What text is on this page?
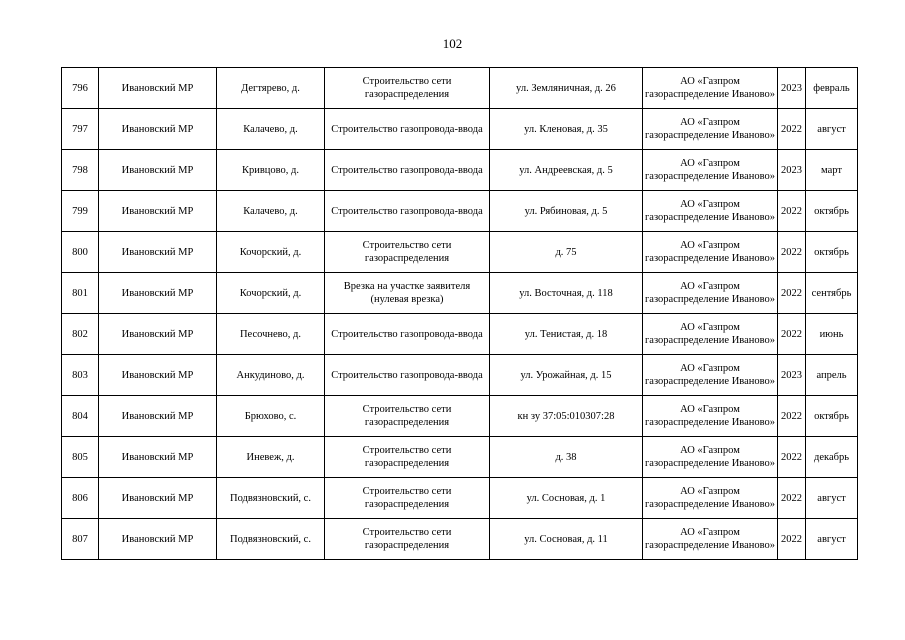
102
796	Ивановский МР	Дегтярево, д.	Строительство сети газораспределения	ул. Земляничная, д. 26	АО «Газпром газораспределение Иваново»	2023	февраль
797	Ивановский МР	Калачево, д.	Строительство газопровода-ввода	ул. Кленовая, д. 35	АО «Газпром газораспределение Иваново»	2022	август
798	Ивановский МР	Кривцово, д.	Строительство газопровода-ввода	ул. Андреевская, д. 5	АО «Газпром газораспределение Иваново»	2023	март
799	Ивановский МР	Калачево, д.	Строительство газопровода-ввода	ул. Рябиновая, д. 5	АО «Газпром газораспределение Иваново»	2022	октябрь
800	Ивановский МР	Кочорский, д.	Строительство сети газораспределения	д. 75	АО «Газпром газораспределение Иваново»	2022	октябрь
801	Ивановский МР	Кочорский, д.	Врезка на участке заявителя (нулевая врезка)	ул. Восточная, д. 118	АО «Газпром газораспределение Иваново»	2022	сентябрь
802	Ивановский МР	Песочнево, д.	Строительство газопровода-ввода	ул. Тенистая, д. 18	АО «Газпром газораспределение Иваново»	2022	июнь
803	Ивановский МР	Анкудиново, д.	Строительство газопровода-ввода	ул. Урожайная, д. 15	АО «Газпром газораспределение Иваново»	2023	апрель
804	Ивановский МР	Брюхово, с.	Строительство сети газораспределения	кн зу 37:05:010307:28	АО «Газпром газораспределение Иваново»	2022	октябрь
805	Ивановский МР	Иневеж, д.	Строительство сети газораспределения	д. 38	АО «Газпром газораспределение Иваново»	2022	декабрь
806	Ивановский МР	Подвязновский, с.	Строительство сети газораспределения	ул. Сосновая, д. 1	АО «Газпром газораспределение Иваново»	2022	август
807	Ивановский МР	Подвязновский, с.	Строительство сети газораспределения	ул. Сосновая, д. 11	АО «Газпром газораспределение Иваново»	2022	август
